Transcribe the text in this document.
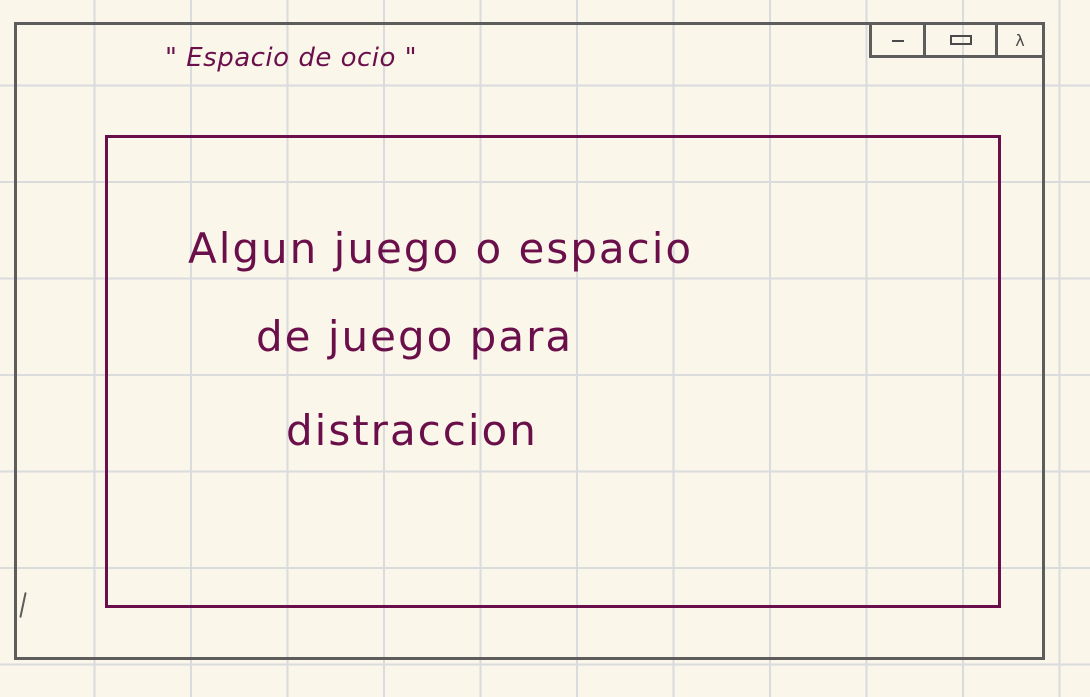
" Espacio de ocio "
λ
Algun juego o espacio
de juego para
distraccion
